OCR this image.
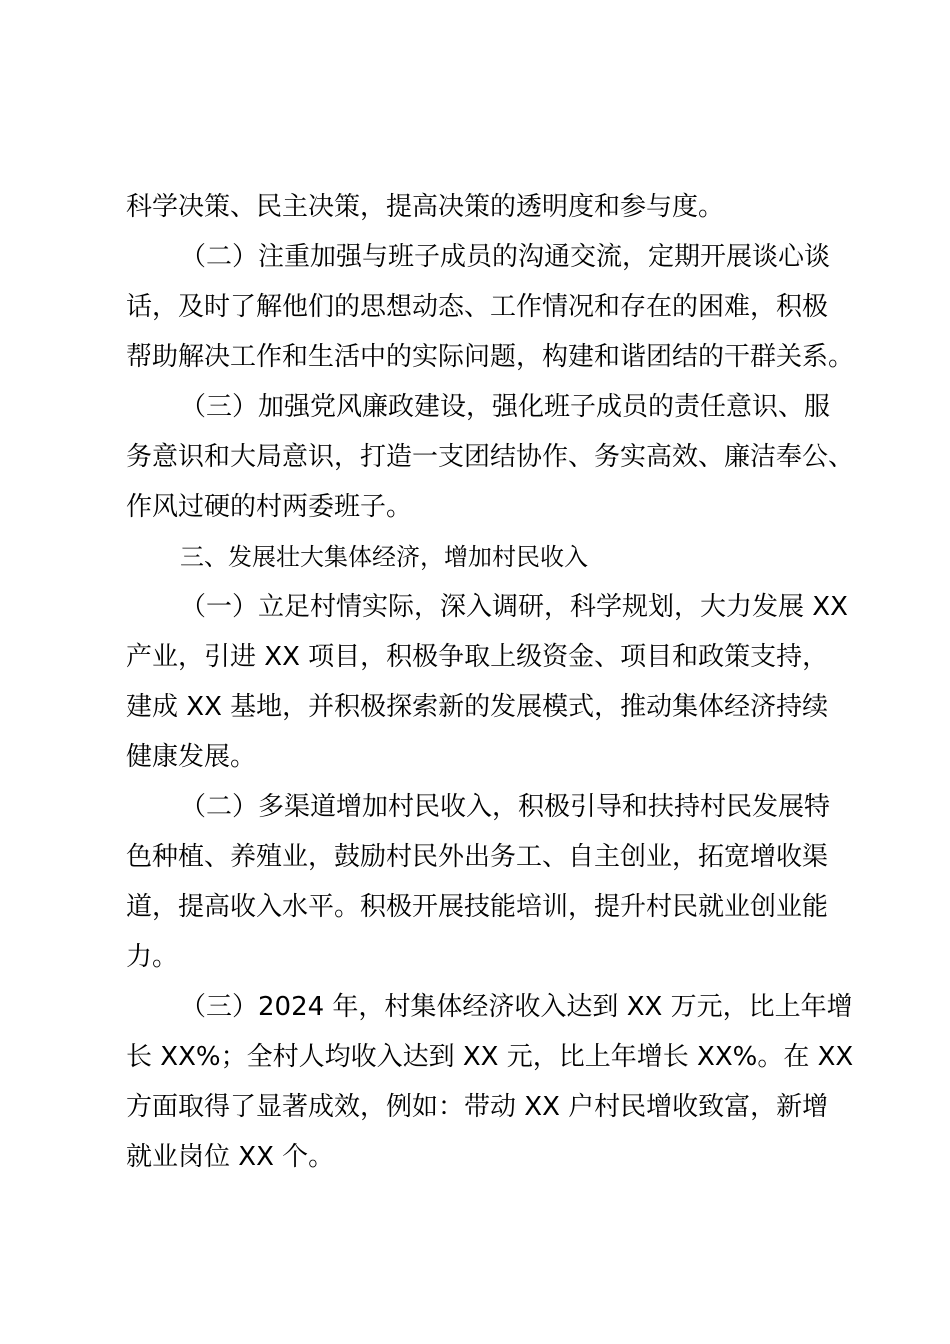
科学决策、民主决策，提高决策的透明度和参与度。
（二）注重加强与班子成员的沟通交流，定期开展谈心谈
话，及时了解他们的思想动态、工作情况和存在的困难，积极
帮助解决工作和生活中的实际问题，构建和谐团结的干群关系。
（三）加强党风廉政建设，强化班子成员的责任意识、服
务意识和大局意识，打造一支团结协作、务实高效、廉洁奉公、
作风过硬的村两委班子。
三、发展壮大集体经济，增加村民收入
（一）立足村情实际，深入调研，科学规划，大力发展 XX
产业，引进 XX 项目，积极争取上级资金、项目和政策支持，
建成 XX 基地，并积极探索新的发展模式，推动集体经济持续
健康发展。
（二）多渠道增加村民收入，积极引导和扶持村民发展特
色种植、养殖业，鼓励村民外出务工、自主创业，拓宽增收渠
道，提高收入水平。积极开展技能培训，提升村民就业创业能
力。
（三）2024 年，村集体经济收入达到 XX 万元，比上年增
长 XX%；全村人均收入达到 XX 元，比上年增长 XX%。在 XX
方面取得了显著成效，例如：带动 XX 户村民增收致富，新增
就业岗位 XX 个。
